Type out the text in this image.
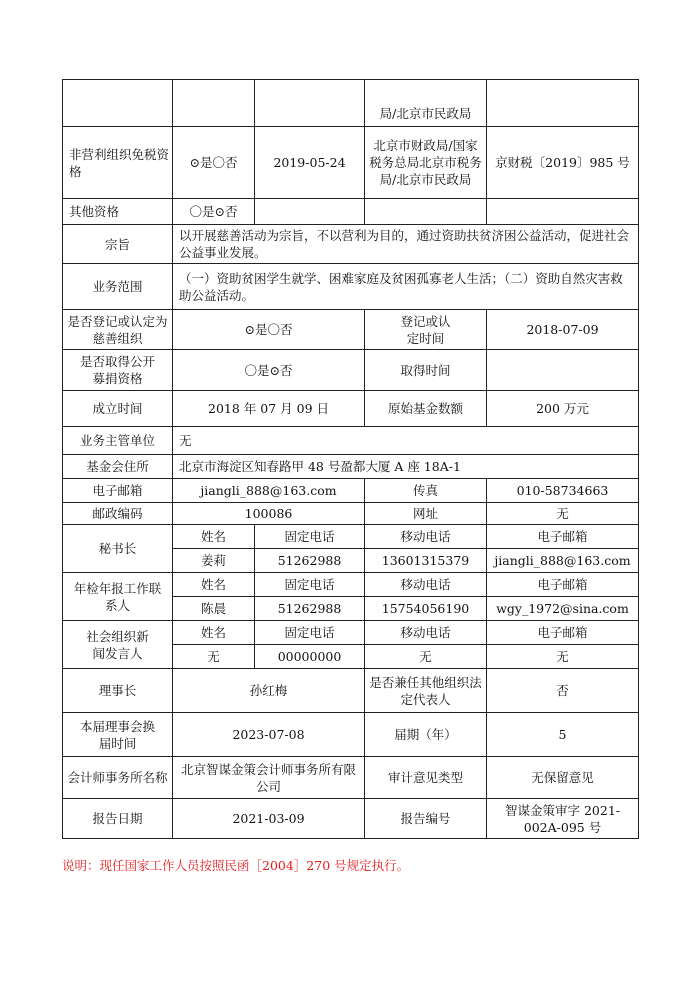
			局/北京市民政局	
非营利组织免税资格	⊙是〇否	2019-05-24	北京市财政局/国家税务总局北京市税务局/北京市民政局	京财税〔2019〕985 号
其他资格	〇是⊙否			
宗旨	以开展慈善活动为宗旨，不以营利为目的，通过资助扶贫济困公益活动，促进社会公益事业发展。			
业务范围	（一）资助贫困学生就学、困难家庭及贫困孤寡老人生活；（二）资助自然灾害救助公益活动。			
是否登记或认定为慈善组织	⊙是〇否		登记或认定时间	2018-07-09
是否取得公开募捐资格	〇是⊙否		取得时间	
成立时间	2018 年 07 月 09 日		原始基金数额	200 万元
业务主管单位	无			
基金会住所	北京市海淀区知春路甲 48 号盈都大厦 A 座 18A-1			
电子邮箱	jiangli_888@163.com		传真	010-58734663
邮政编码	100086		网址	无
秘书长	姓名	固定电话	移动电话	电子邮箱
	姜莉	51262988	13601315379	jiangli_888@163.com
年检年报工作联系人	姓名	固定电话	移动电话	电子邮箱
	陈晨	51262988	15754056190	wgy_1972@sina.com
社会组织新闻发言人	姓名	固定电话	移动电话	电子邮箱
	无	00000000	无	无
理事长	孙红梅		是否兼任其他组织法定代表人	否
本届理事会换届时间	2023-07-08		届期（年）	5
会计师事务所名称	北京智谋金策会计师事务所有限公司		审计意见类型	无保留意见
报告日期	2021-03-09		报告编号	智谋金策审字 2021-002A-095 号
说明：现任国家工作人员按照民函［2004］270 号规定执行。
